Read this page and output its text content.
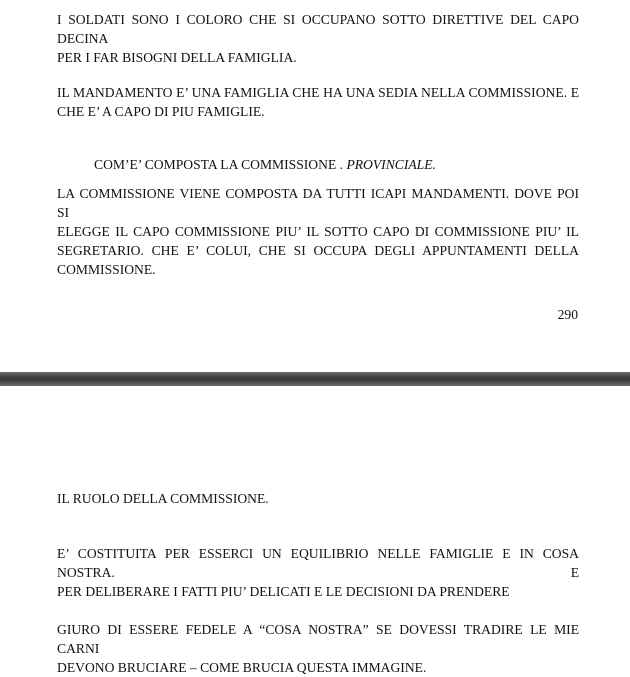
I SOLDATI SONO I COLORO CHE SI OCCUPANO SOTTO DIRETTIVE DEL CAPO DECINA
PER I FAR BISOGNI DELLA FAMIGLIA.

IL MANDAMENTO E’ UNA FAMIGLIA CHE HA UNA SEDIA NELLA COMMISSIONE. E
CHE E’ A CAPO DI PIU FAMIGLIE.

COM’E’ COMPOSTA LA COMMISSIONE . PROVINCIALE.

LA COMMISSIONE VIENE COMPOSTA DA TUTTI ICAPI MANDAMENTI. DOVE POI SI
ELEGGE IL CAPO COMMISSIONE PIU’ IL SOTTO CAPO DI COMMISSIONE PIU’ IL
SEGRETARIO. CHE E’ COLUI, CHE SI OCCUPA DEGLI APPUNTAMENTI DELLA
COMMISSIONE.

290

IL RUOLO DELLA COMMISSIONE.

E’ COSTITUITA PER ESSERCI UN EQUILIBRIO NELLE FAMIGLIE E IN COSA NOSTRA. E
PER DELIBERARE I FATTI PIU’ DELICATI E LE DECISIONI DA PRENDERE

GIURO DI ESSERE FEDELE A “COSA NOSTRA” SE DOVESSI TRADIRE LE MIE CARNI
DEVONO BRUCIARE – COME BRUCIA QUESTA IMMAGINE.
